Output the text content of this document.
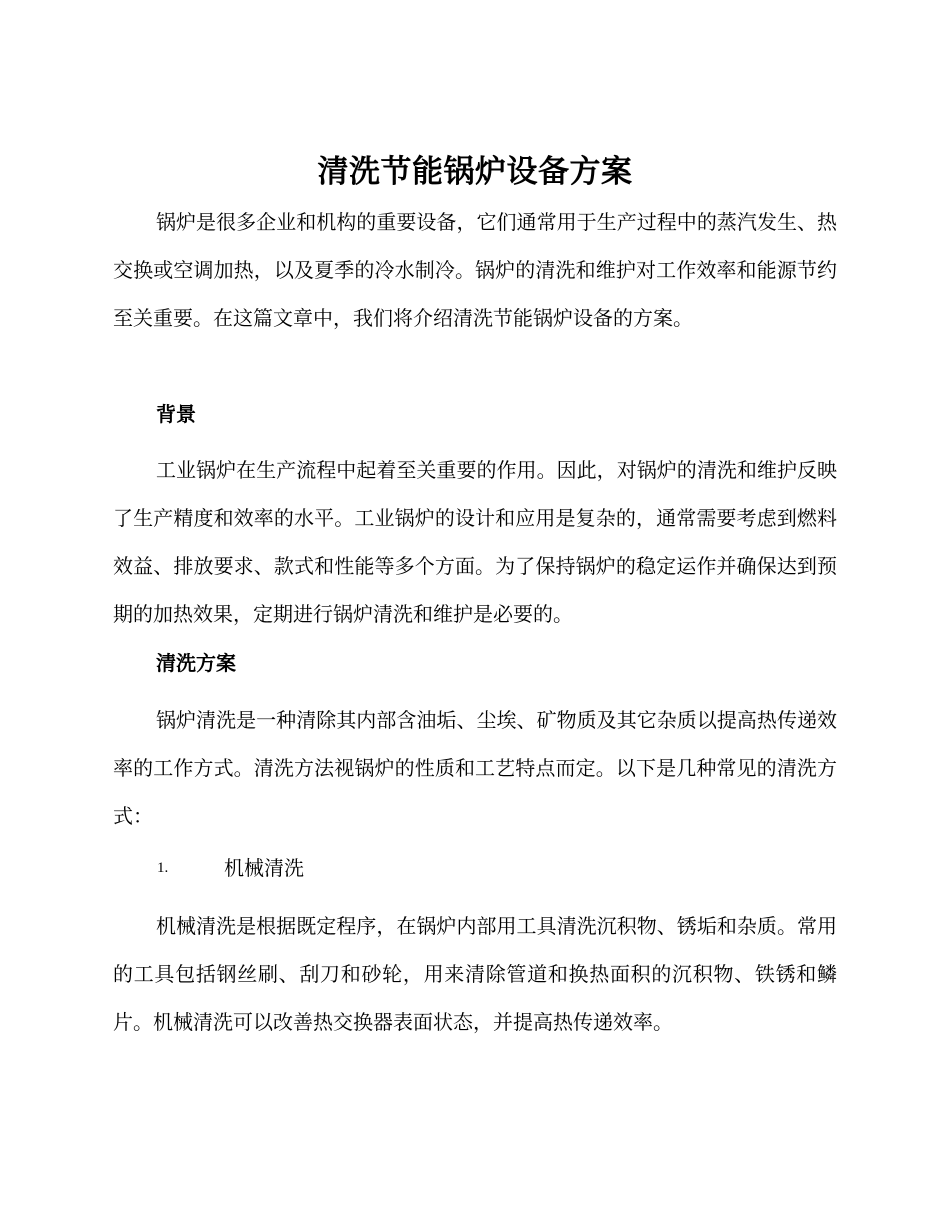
清洗节能锅炉设备方案

锅炉是很多企业和机构的重要设备，它们通常用于生产过程中的蒸汽发生、热交换或空调加热，以及夏季的冷水制冷。锅炉的清洗和维护对工作效率和能源节约至关重要。在这篇文章中，我们将介绍清洗节能锅炉设备的方案。

背景

工业锅炉在生产流程中起着至关重要的作用。因此，对锅炉的清洗和维护反映了生产精度和效率的水平。工业锅炉的设计和应用是复杂的，通常需要考虑到燃料效益、排放要求、款式和性能等多个方面。为了保持锅炉的稳定运作并确保达到预期的加热效果，定期进行锅炉清洗和维护是必要的。

清洗方案

锅炉清洗是一种清除其内部含油垢、尘埃、矿物质及其它杂质以提高热传递效率的工作方式。清洗方法视锅炉的性质和工艺特点而定。以下是几种常见的清洗方式：

1.	机械清洗

机械清洗是根据既定程序，在锅炉内部用工具清洗沉积物、锈垢和杂质。常用的工具包括钢丝刷、刮刀和砂轮，用来清除管道和换热面积的沉积物、铁锈和鳞片。机械清洗可以改善热交换器表面状态，并提高热传递效率。
